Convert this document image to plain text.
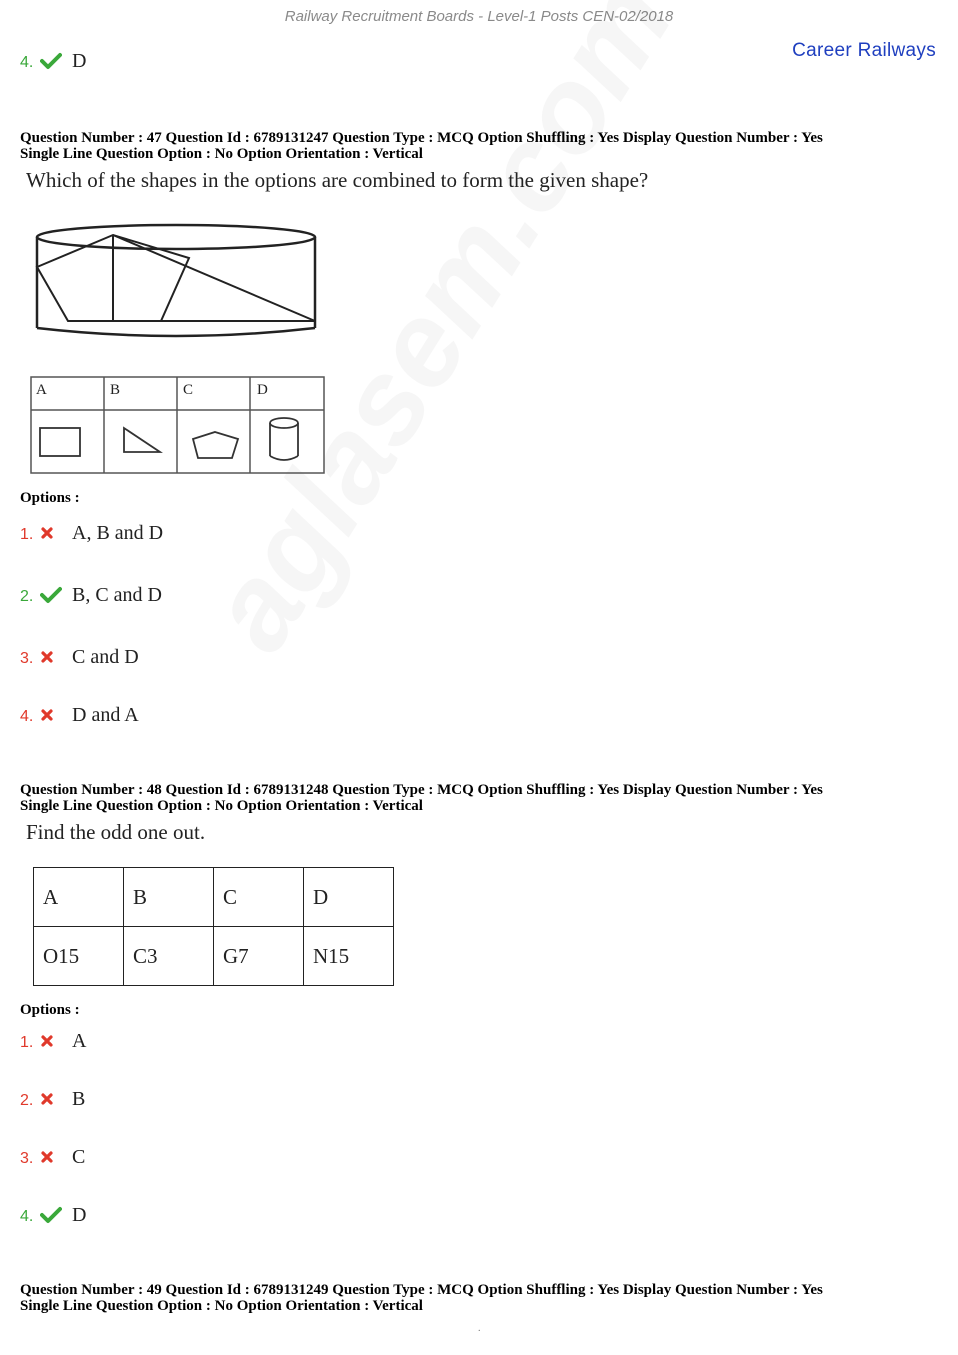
Railway Recruitment Boards - Level-1 Posts CEN-02/2018
Career Railways
4.	D
Question Number : 47 Question Id : 6789131247 Question Type : MCQ Option Shuffling : Yes Display Question Number : Yes
Single Line Question Option : No Option Orientation : Vertical
Which of the shapes in the options are combined to form the given shape?
A	B	C	D
Options :
1.	A, B and D
2.	B, C and D
3.	C and D
4.	D and A
Question Number : 48 Question Id : 6789131248 Question Type : MCQ Option Shuffling : Yes Display Question Number : Yes
Single Line Question Option : No Option Orientation : Vertical
Find the odd one out.
A	B	C	D
O15	C3	G7	N15
Options :
1.	A
2.	B
3.	C
4.	D
Question Number : 49 Question Id : 6789131249 Question Type : MCQ Option Shuffling : Yes Display Question Number : Yes
Single Line Question Option : No Option Orientation : Vertical
.
